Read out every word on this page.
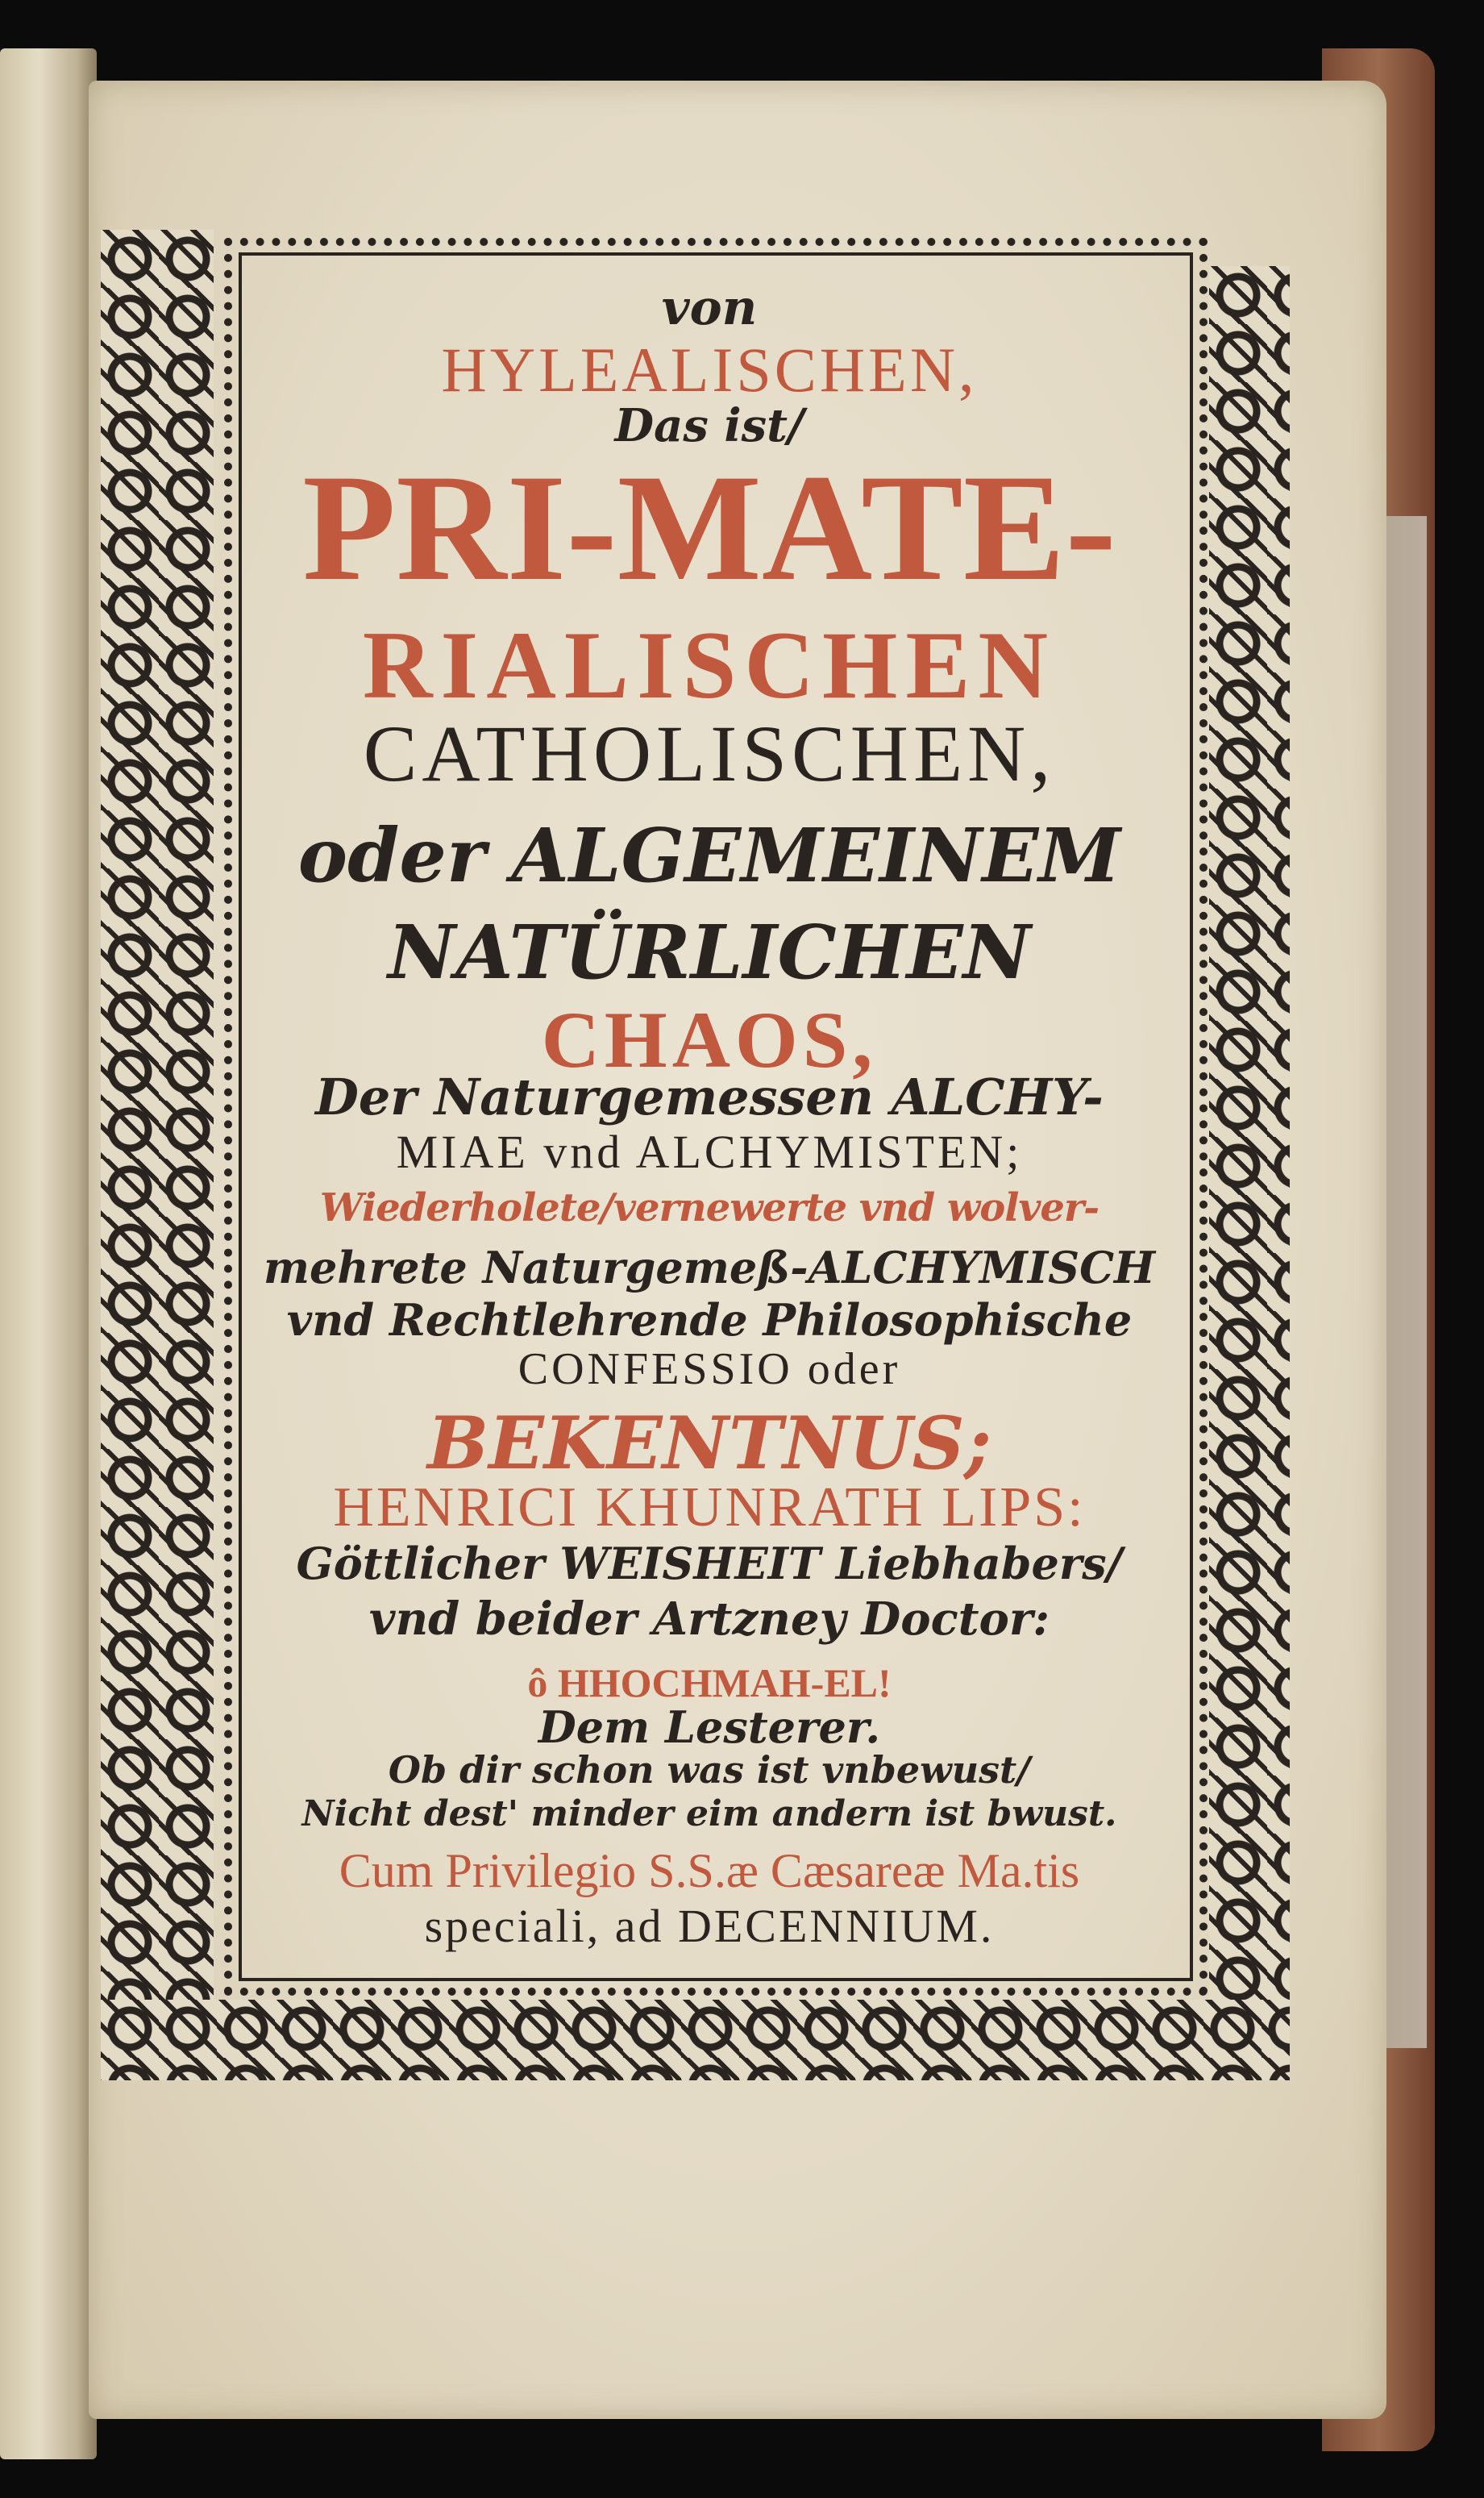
von
HYLEALISCHEN,
Das ist/
PRI-MATE-
RIALISCHEN
CATHOLISCHEN,
oder ALGEMEINEM
NATÜRLICHEN
CHAOS,
Der Naturgemessen ALCHY-
MIAE vnd ALCHYMISTEN;
Wiederholete/vernewerte vnd wolver-
mehrete Naturgemeß-ALCHYMISCH
vnd Rechtlehrende Philosophische
CONFESSIO oder
BEKENTNUS;
HENRICI KHUNRATH LIPS:
Göttlicher WEISHEIT Liebhabers/
vnd beider Artzney Doctor:
ô HHOCHMAH-EL!
Dem Lesterer.
Ob dir schon was ist vnbewust/
Nicht dest' minder eim andern ist bwust.
Cum Privilegio S.S.æ Cæsareæ Ma.tis
speciali, ad DECENNIUM.
